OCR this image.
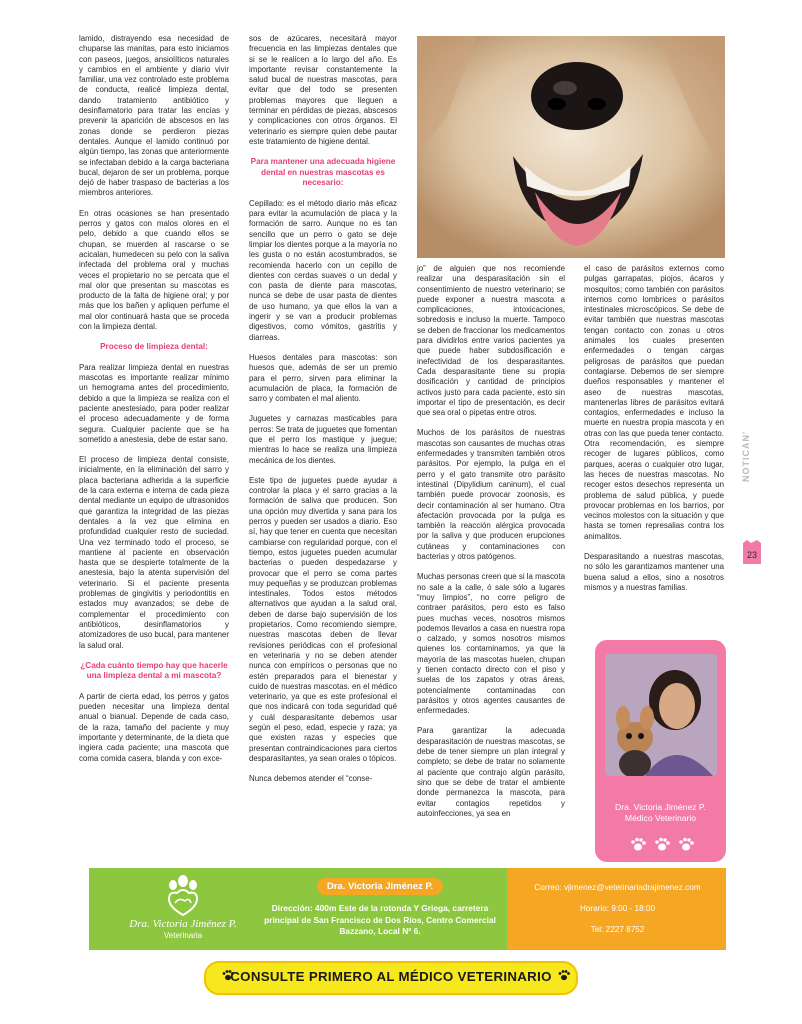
lamido, distrayendo esa necesidad de chuparse las manitas, para esto iniciamos con paseos, juegos, ansiolíticos naturales y cambios en el ambiente y diario vivir familiar, una vez controlado este problema de conducta, realicé limpieza dental, dando tratamiento antibiótico y desinflamatorio para tratar las encías y prevenir la aparición de abscesos en las zonas donde se perdieron piezas dentales. Aunque el lamido continuó por algún tiempo, las zonas que anteriormente se infectaban debido a la carga bacteriana bucal, dejaron de ser un problema, porque dejó de haber traspaso de bacterias a los miembros anteriores.

En otras ocasiones se han presentado perros y gatos con malos olores en el pelo, debido a que cuando ellos se chupan, se muerden al rascarse o se acicalan, humedecen su pelo con la saliva infectada del problema oral y muchas veces el propietario no se percata que el mal olor que presentan su mascotas es producto de la falta de higiene oral; y por más que los bañen y apliquen perfume el mal olor continuará hasta que se proceda con la limpieza dental.

Proceso de limpieza dental:

Para realizar limpieza dental en nuestras mascotas es importante realizar mínimo un hemograma antes del procedimiento, debido a que la limpieza se realiza con el paciente anestesiado, para poder realizar el proceso adecuadamente y de forma segura. Cualquier paciente que se ha sometido a anestesia, debe de estar sano.

El proceso de limpieza dental consiste, inicialmente, en la eliminación del sarro y placa bacteriana adherida a la superficie de la cara externa e interna de cada pieza dental mediante un equipo de ultrasonidos que garantiza la integridad de las piezas dentales a la vez que elimina en profundidad cualquier resto de suciedad. Una vez terminado todo el proceso, se mantiene al paciente en observación hasta que se despierte totalmente de la anestesia, bajo la atenta supervisión del veterinario. Si el paciente presenta problemas de gingivitis y periodontitis en estados muy avanzados; se debe de complementar el procedimiento con antibióticos, desinflamatorios y atomizadores de uso bucal, para mantener la salud oral.

¿Cada cuánto tiempo hay que hacerle una limpieza dental a mi mascota?

A partir de cierta edad, los perros y gatos pueden necesitar una limpieza dental anual o bianual. Depende de cada caso, de la raza, tamaño del paciente y muy importante y determinante, de la dieta que ingiera cada paciente; una mascota que coma comida casera, blanda y con exce-

sos de azúcares, necesitará mayor frecuencia en las limpiezas dentales que si se le realicen a lo largo del año. Es importante revisar constantemente la salud bucal de nuestras mascotas, para evitar que del todo se presenten problemas mayores que lleguen a terminar en pérdidas de piezas, abscesos y complicaciones con otros órganos. El veterinario es siempre quien debe pautar este tratamiento de higiene dental.

Para mantener una adecuada higiene dental en nuestras mascotas es necesario:

Cepillado: es el método diario más eficaz para evitar la acumulación de placa y la formación de sarro. Aunque no es tan sencillo que un perro o gato se deje limpiar los dientes porque a la mayoría no les gusta o no están acostumbrados, se recomienda hacerlo con un cepillo de dientes con cerdas suaves o un dedal y con pasta de diente para mascotas, nunca se debe de usar pasta de dientes de uso humano, ya que ellos la van a ingerir y se van a producir problemas digestivos, como vómitos, gastritis y diarreas.

Huesos dentales para mascotas: son huesos que, además de ser un premio para el perro, sirven para eliminar la acumulación de placa, la formación de sarro y combaten el mal aliento.

Juguetes y carnazas masticables para perros: Se trata de juguetes que fomentan que el perro los mastique y juegue; mientras lo hace se realiza una limpieza mecánica de los dientes.

Este tipo de juguetes puede ayudar a controlar la placa y el sarro gracias a la formación de saliva que producen. Son una opción muy divertida y sana para los perros y pueden ser usados a diario. Eso sí, hay que tener en cuenta que necesitan cambiarse con regularidad porque, con el tiempo, estos juguetes pueden acumular bacterias o pueden despedazarse y provocar que el perro se coma partes muy pequeñas y se produzcan problemas intestinales. Todos estos métodos alternativos que ayudan a la salud oral, deben de darse bajo supervisión de los propietarios. Como recomiendo siempre, nuestras mascotas deben de llevar revisiones periódicas con el profesional en veterinaria y no se deben atender nunca con empíricos o personas que no estén preparados para el bienestar y cuido de nuestras mascotas. en el médico veterinario, ya que es este profesional el que nos indicará con toda seguridad qué y cuál desparasitante debemos usar según el peso, edad, especie y raza; ya que existen razas y especies que presentan contraindicaciones para ciertos desparasitantes, ya sean orales o tópicos.

Nunca debemos atender el “conse-

jo” de alguien que nos recomiende realizar una desparasitación sin el consentimiento de nuestro veterinario; se puede exponer a nuestra mascota a complicaciones, intoxicaciones, sobredosis e incluso la muerte. Tampoco se deben de fraccionar los medicamentos para dividirlos entre varios pacientes ya que puede haber subdosificación e inefectividad de los desparasitantes. Cada desparasitante tiene su propia dosificación y cantidad de principios activos justo para cada paciente, esto sin importar el tipo de presentación, es decir que sea oral o pipetas entre otros.

Muchos de los parásitos de nuestras mascotas son causantes de muchas otras enfermedades y transmiten también otros parásitos. Por ejemplo, la pulga en el perro y el gato transmite otro parásito intestinal (Dipylidium caninum), el cual también puede provocar zoonosis, es decir contaminación al ser humano. Otra afectación provocada por la pulga es también la reacción alérgica provocada por la saliva y que producen erupciones cutáneas y contaminaciones con bacterias y otros patógenos.

Muchas personas creen que si la mascota no sale a la calle, ó sale sólo a lugares “muy limpios”, no corre peligro de contraer parásitos, pero esto es falso pues muchas veces, nosotros mismos podemos llevarlos a casa en nuestra ropa o calzado, y somos nosotros mismos quienes los contaminamos, ya que la mayoría de las mascotas huelen, chupan y tienen contacto directo con el piso y suelas de los zapatos y otras áreas, potencialmente contaminadas con parásitos y otros agentes causantes de enfermedades.

Para garantizar la adecuada desparasitación de nuestras mascotas, se debe de tener siempre un plan integral y completo; se debe de tratar no solamente al paciente que contrajo algún parásito, sino que se debe de tratar el ambiente donde permanezca la mascota, para evitar contagios repetidos y autoinfecciones, ya sea en

el caso de parásitos externos como pulgas garrapatas, piojos, ácaros y mosquitos; como también con parásitos internos como lombrices o parásitos intestinales microscópicos. Se debe de evitar también que nuestras mascotas tengan contacto con zonas u otros animales los cuales presenten enfermedades o tengan cargas peligrosas de parásitos que puedan contagiarse. Debemos de ser siempre dueños responsables y mantener el aseo de nuestras mascotas, mantenerlas libres de parásitos evitará contagios, enfermedades e incluso la muerte en nuestra propia mascota y en otras con las que pueda tener contacto. Otra recomendación, es siempre recoger de lugares públicos, como parques, aceras o cualquier otro lugar, las heces de nuestras mascotas. No recoger estos desechos representa un problema de salud pública, y puede provocar problemas en los barrios, por vecinos molestos con la situación y que hasta se tomen represalias contra los animalitos.

Desparasitando a nuestras mascotas, no sólo les garantizamos mantener una buena salud a ellos, sino a nosotros mismos y a nuestras familias.

NOTICAN'
23
Dra. Victoria Jiménez P.
Médico Veterinario
Dra. Victoria Jiménez P.
Veterinaria
Dra. Victoria Jiménez P.
Dirección: 400m Este de la rotonda Y Griega, carretera principal de San Francisco de Dos Ríos, Centro Comercial Bazzano, Local Nº 6.
Correo: vjimenez@veterinariadrajimenez.com
Horario: 9:00 - 18:00
Tel: 2227 8752
CONSULTE PRIMERO AL MÉDICO VETERINARIO
